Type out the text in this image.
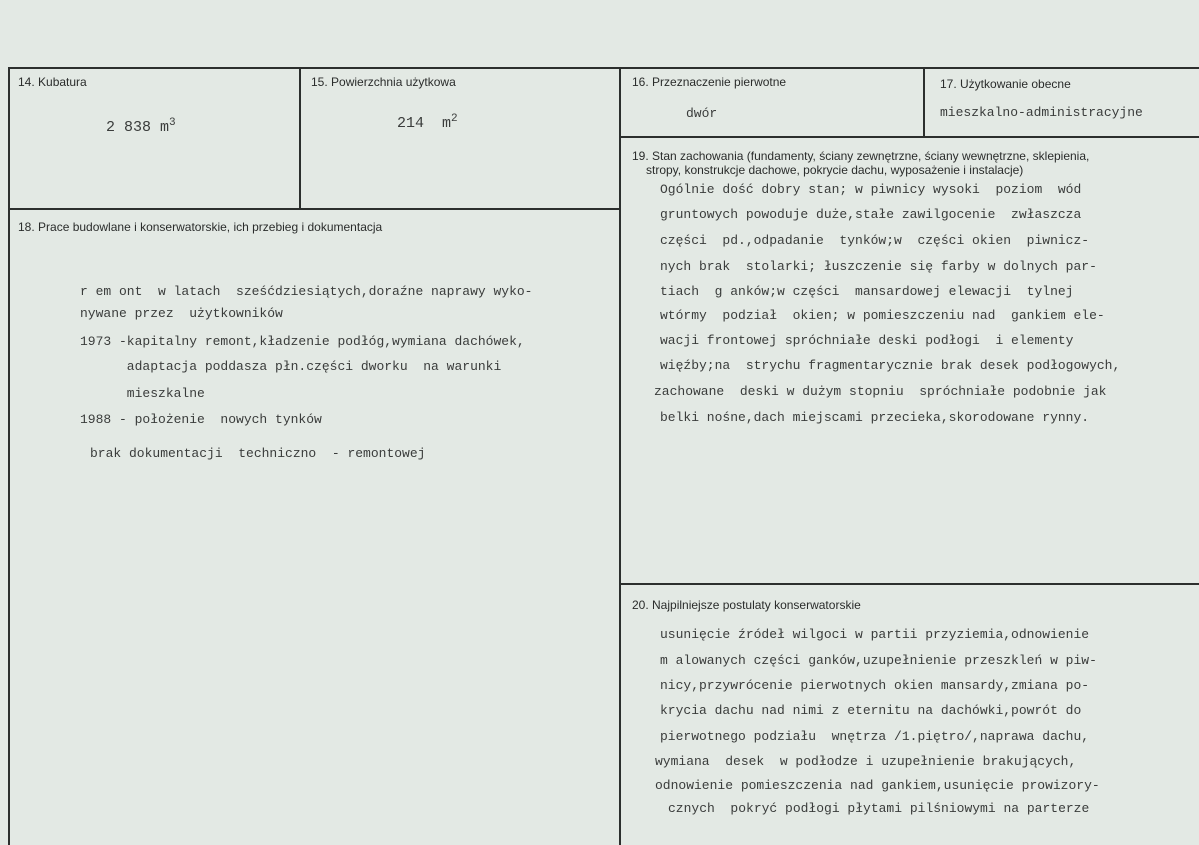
14. Kubatura
2 838 $m^3$
15. Powierzchnia użytkowa
214  $m^2$
16. Przeznaczenie pierwotne
dwór
17. Użytkowanie obecne
mieszkalno-administracyjne
18. Prace budowlane i konserwatorskie, ich przebieg i dokumentacja
r em ont  w latach  sześćdziesiątych,doraźne naprawy wyko-
nywane przez  użytkowników
1973 -kapitalny remont,kładzenie podłóg,wymiana dachówek,
adaptacja poddasza płn.części dworku  na warunki
mieszkalne
1988 - położenie  nowych tynków
brak dokumentacji  techniczno  - remontowej
19. Stan zachowania (fundamenty, ściany zewnętrzne, ściany wewnętrzne, sklepienia,
stropy, konstrukcje dachowe, pokrycie dachu, wyposażenie i instalacje)
Ogólnie dość dobry stan; w piwnicy wysoki  poziom  wód
gruntowych powoduje duże,stałe zawilgocenie  zwłaszcza
części  pd.,odpadanie  tynków;w  części okien  piwnicz-
nych brak  stolarki; łuszczenie się farby w dolnych par-
tiach  g anków;w części  mansardowej elewacji  tylnej
wtórmy  podział  okien; w pomieszczeniu nad  gankiem ele-
wacji frontowej spróchniałe deski podłogi  i elementy
więźby;na  strychu fragmentarycznie brak desek podłogowych,
zachowane  deski w dużym stopniu  spróchniałe podobnie jak
belki nośne,dach miejscami przecieka,skorodowane rynny.
20. Najpilniejsze postulaty konserwatorskie
usunięcie źródeł wilgoci w partii przyziemia,odnowienie
m alowanych części ganków,uzupełnienie przeszkleń w piw-
nicy,przywrócenie pierwotnych okien mansardy,zmiana po-
krycia dachu nad nimi z eternitu na dachówki,powrót do
pierwotnego podziału  wnętrza /1.piętro/,naprawa dachu,
wymiana  desek  w podłodze i uzupełnienie brakujących,
odnowienie pomieszczenia nad gankiem,usunięcie prowizory-
cznych  pokryć podłogi płytami pilśniowymi na parterze
